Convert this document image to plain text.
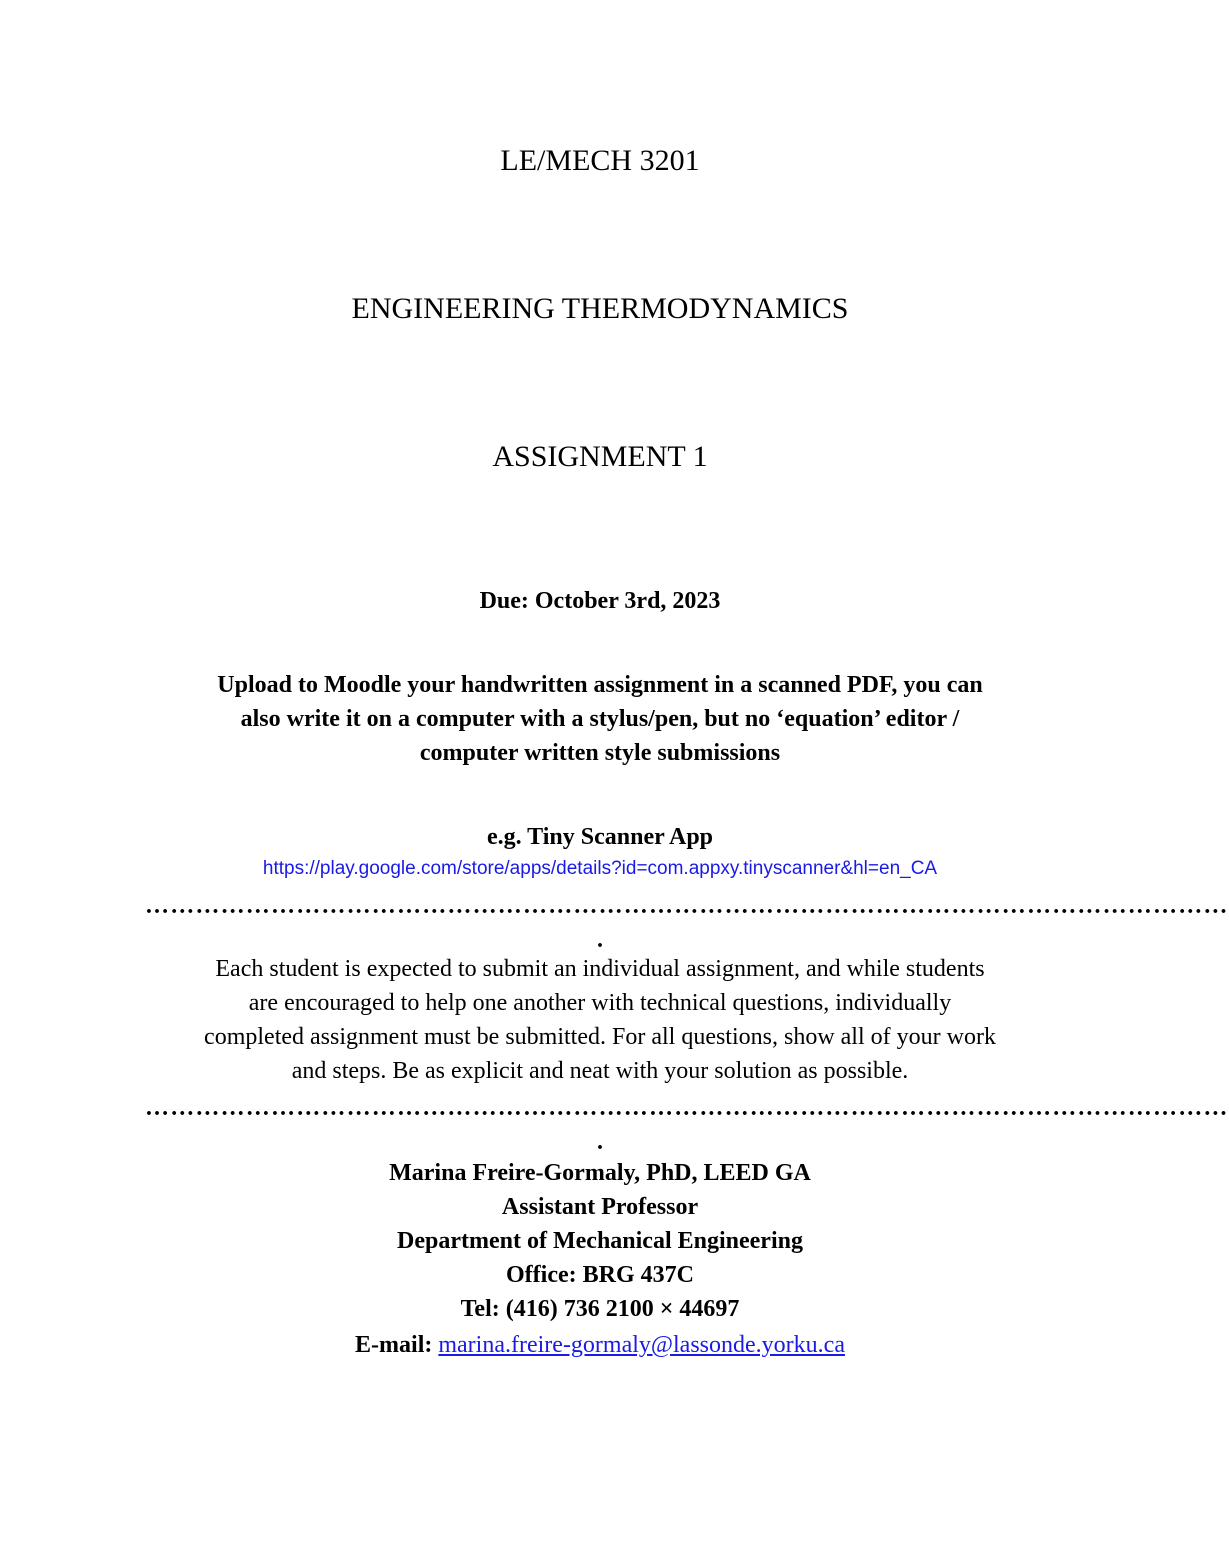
LE/MECH 3201
ENGINEERING THERMODYNAMICS
ASSIGNMENT 1
Due: October 3rd, 2023
Upload to Moodle your handwritten assignment in a scanned PDF, you can
also write it on a computer with a stylus/pen, but no ‘equation’ editor /
computer written style submissions
e.g. Tiny Scanner App
https://play.google.com/store/apps/details?id=com.appxy.tinyscanner&hl=en_CA
…………………………………………………………………………………………………………………
.
Each student is expected to submit an individual assignment, and while students
are encouraged to help one another with technical questions, individually
completed assignment must be submitted. For all questions, show all of your work
and steps. Be as explicit and neat with your solution as possible.
…………………………………………………………………………………………………………………
.
Marina Freire-Gormaly, PhD, LEED GA
Assistant Professor
Department of Mechanical Engineering
Office: BRG 437C
Tel: (416) 736 2100 × 44697
E-mail: marina.freire-gormaly@lassonde.yorku.ca
